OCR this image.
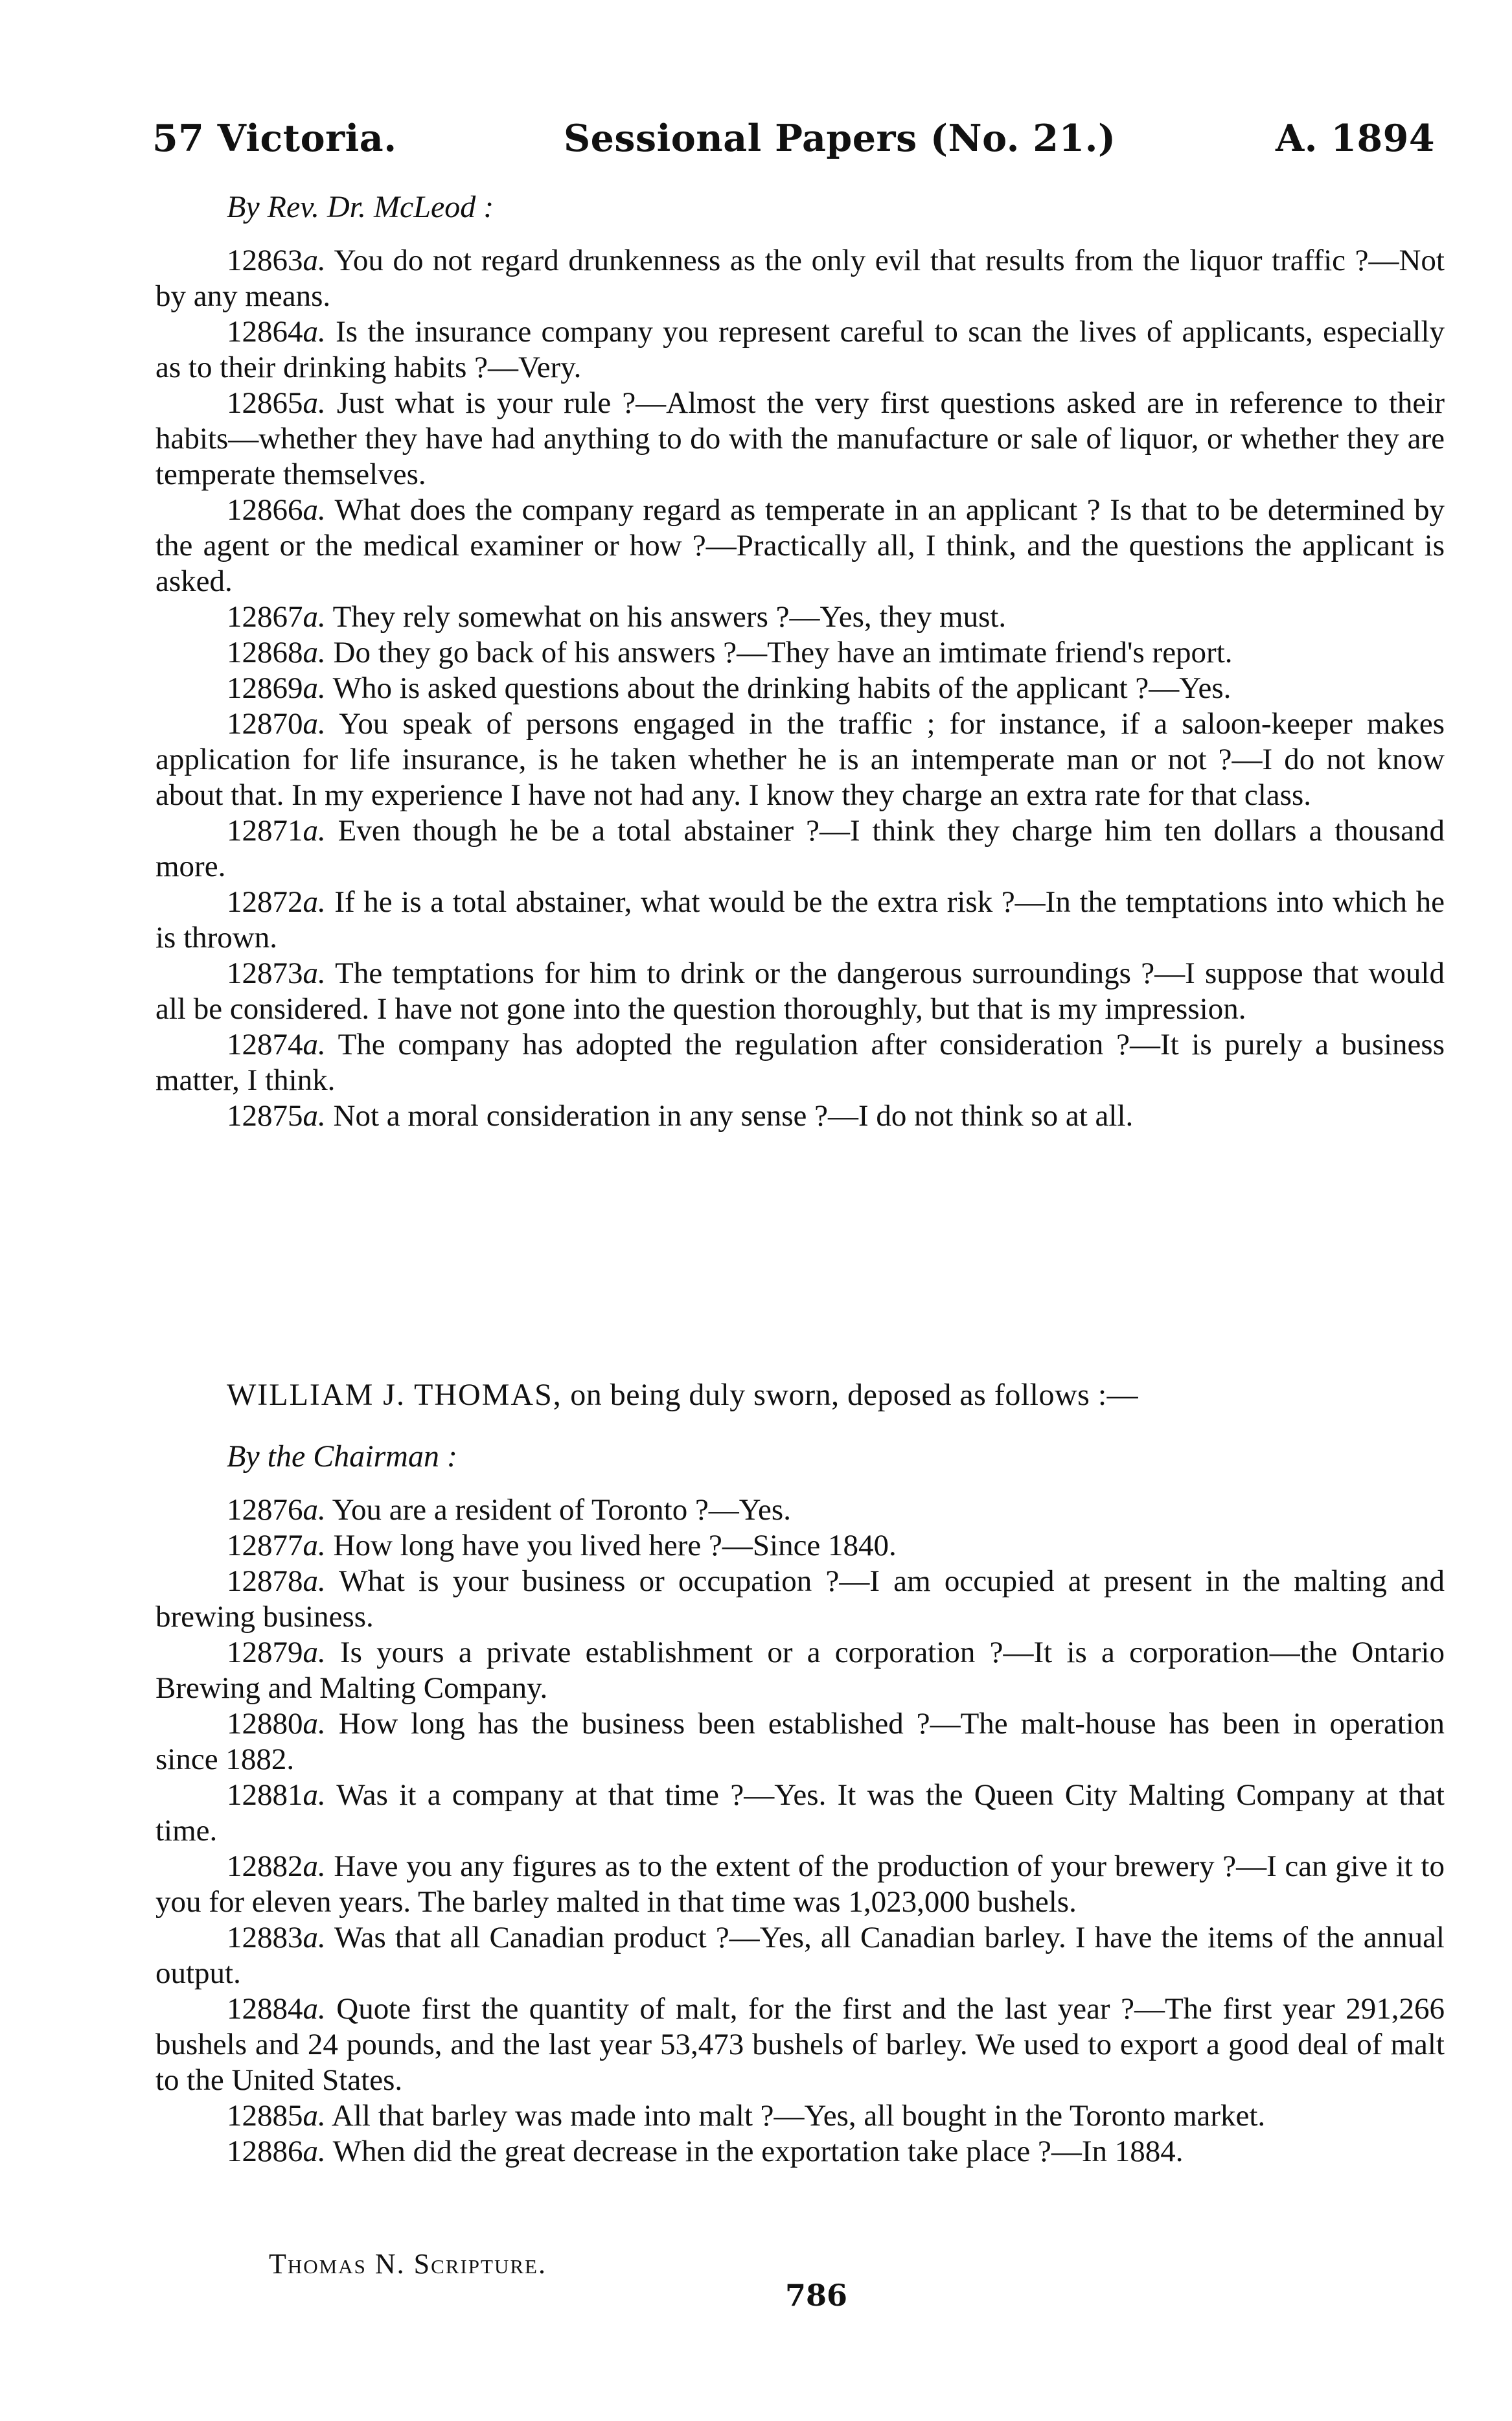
57 Victoria.	Sessional Papers (No. 21.)	A. 1894

By Rev. Dr. McLeod :

12863a. You do not regard drunkenness as the only evil that results from the liquor traffic ?—Not by any means.

12864a. Is the insurance company you represent careful to scan the lives of applicants, especially as to their drinking habits ?—Very.

12865a. Just what is your rule ?—Almost the very first questions asked are in reference to their habits—whether they have had anything to do with the manufacture or sale of liquor, or whether they are temperate themselves.

12866a. What does the company regard as temperate in an applicant ? Is that to be determined by the agent or the medical examiner or how ?—Practically all, I think, and the questions the applicant is asked.

12867a. They rely somewhat on his answers ?—Yes, they must.

12868a. Do they go back of his answers ?—They have an imtimate friend's report.

12869a. Who is asked questions about the drinking habits of the applicant ?—Yes.

12870a. You speak of persons engaged in the traffic ; for instance, if a saloon-keeper makes application for life insurance, is he taken whether he is an intemperate man or not ?—I do not know about that. In my experience I have not had any. I know they charge an extra rate for that class.

12871a. Even though he be a total abstainer ?—I think they charge him ten dollars a thousand more.

12872a. If he is a total abstainer, what would be the extra risk ?—In the temptations into which he is thrown.

12873a. The temptations for him to drink or the dangerous surroundings ?—I suppose that would all be considered. I have not gone into the question thoroughly, but that is my impression.

12874a. The company has adopted the regulation after consideration ?—It is purely a business matter, I think.

12875a. Not a moral consideration in any sense ?—I do not think so at all.

WILLIAM J. THOMAS, on being duly sworn, deposed as follows :—

By the Chairman :

12876a. You are a resident of Toronto ?—Yes.

12877a. How long have you lived here ?—Since 1840.

12878a. What is your business or occupation ?—I am occupied at present in the malting and brewing business.

12879a. Is yours a private establishment or a corporation ?—It is a corporation—the Ontario Brewing and Malting Company.

12880a. How long has the business been established ?—The malt-house has been in operation since 1882.

12881a. Was it a company at that time ?—Yes. It was the Queen City Malting Company at that time.

12882a. Have you any figures as to the extent of the production of your brewery ?—I can give it to you for eleven years. The barley malted in that time was 1,023,000 bushels.

12883a. Was that all Canadian product ?—Yes, all Canadian barley. I have the items of the annual output.

12884a. Quote first the quantity of malt, for the first and the last year ?—The first year 291,266 bushels and 24 pounds, and the last year 53,473 bushels of barley. We used to export a good deal of malt to the United States.

12885a. All that barley was made into malt ?—Yes, all bought in the Toronto market.

12886a. When did the great decrease in the exportation take place ?—In 1884.

Thomas N. Scripture.
786
